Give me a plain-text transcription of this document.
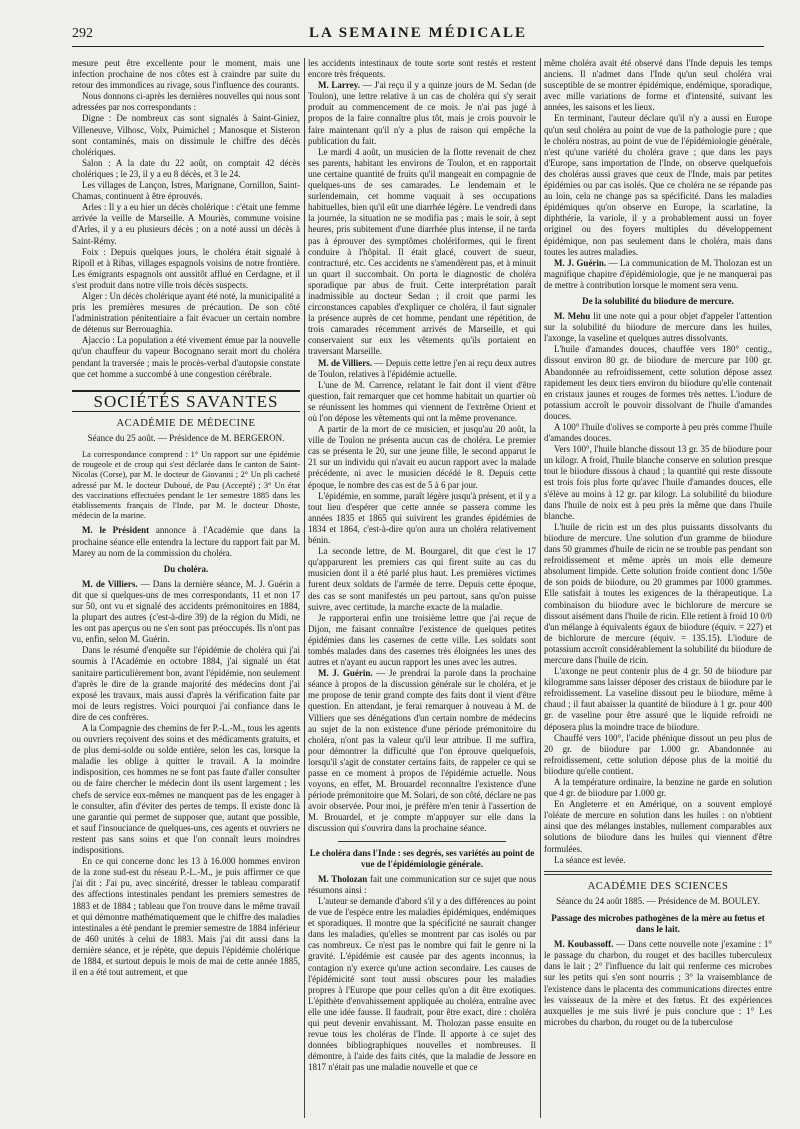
292	LA SEMAINE MÉDICALE

mesure peut être excellente pour le moment, mais une infection prochaine de nos côtes est à craindre par suite du retour des immondices au rivage, sous l'influence des courants.

Nous donnons ci-après les dernières nouvelles qui nous sont adressées par nos correspondants :

Digne : De nombreux cas sont signalés à Saint-Giniez, Villeneuve, Vilhosc, Volx, Puimichel ; Manosque et Sisteron sont contaminés, mais on dissimule le chiffre des décès cholériques.

Salon : A la date du 22 août, on comptait 42 décès cholériques ; le 23, il y a eu 8 décès, et 3 le 24.

Les villages de Lançon, Istres, Marignane, Cornillon, Saint-Chamas, continuent à être éprouvés.

Arles : Il y a eu hier un décès cholérique : c'était une femme arrivée la veille de Marseille. A Mouriès, commune voisine d'Arles, il y a eu plusieurs décès ; on a noté aussi un décès à Saint-Rémy.

Foix : Depuis quelques jours, le choléra était signalé à Ripoll et à Ribas, villages espagnols voisins de notre frontière. Les émigrants espagnols ont aussitôt afflué en Cerdagne, et il s'est produit dans notre ville trois décès suspects.

Alger : Un décès cholérique ayant été noté, la municipalité a pris les premières mesures de précaution. De son côté l'administration pénitentiaire a fait évacuer un certain nombre de détenus sur Berrouaghia.

Ajaccio : La population a été vivement émue par la nouvelle qu'un chauffeur du vapeur Bocognano serait mort du choléra pendant la traversée ; mais le procès-verbal d'autopsie constate que cet homme a succombé à une congestion cérébrale.

SOCIÉTÉS SAVANTES
ACADÉMIE DE MÉDECINE
Séance du 25 août. — Présidence de M. BERGERON.

La correspondance comprend : 1° Un rapport sur une épidémie de rougeole et de croup qui s'est déclarée dans le canton de Saint-Nicolas (Corse), par M. le docteur de Giovanni ; 2° Un pli cacheté adressé par M. le docteur Duboué, de Pau (Accepté) ; 3° Un état des vaccinations effectuées pendant le 1er semestre 1885 dans les établissements français de l'Inde, par M. le docteur Dhoste, médecin de la marine.

M. le Président annonce à l'Académie que dans la prochaine séance elle entendra la lecture du rapport fait par M. Marey au nom de la commission du choléra.

Du choléra.

M. de Villiers. — Dans la dernière séance, M. J. Guérin a dit que si quelques-uns de mes correspondants, 11 et non 17 sur 50, ont vu et signalé des accidents prémonitoires en 1884, la plupart des autres (c'est-à-dire 39) de la région du Midi, ne les ont pas aperçus ou ne s'en sont pas préoccupés. Ils n'ont pas vu, enfin, selon M. Guérin.

Dans le résumé d'enquête sur l'épidémie de choléra qui j'ai soumis à l'Académie en octobre 1884, j'ai signalé un état sanitaire particulièrement bon, avant l'épidémie, non seulement d'après le dire de la grande majorité des médecins dont j'ai exposé les travaux, mais aussi d'après la vérification faite par moi de leurs registres. Voici pourquoi j'ai confiance dans le dire de ces confrères.

A la Compagnie des chemins de fer P.-L.-M., tous les agents ou ouvriers reçoivent des soins et des médicaments gratuits, et de plus demi-solde ou solde entière, selon les cas, lorsque la maladie les oblige à quitter le travail. A la moindre indisposition, ces hommes ne se font pas faute d'aller consulter ou de faire chercher le médecin dont ils usent largement ; les chefs de service eux-mêmes ne manquent pas de les engager à le consulter, afin d'éviter des pertes de temps. Il existe donc là une garantie qui permet de supposer que, autant que possible, et sauf l'insouciance de quelques-uns, ces agents et ouvriers ne restent pas sans soins et que l'on connaît leurs moindres indispositions.

En ce qui concerne donc les 13 à 16.000 hommes environ de la zone sud-est du réseau P.-L.-M., je puis affirmer ce que j'ai dit : J'ai pu, avec sincérité, dresser le tableau comparatif des affections intestinales pendant les premiers semestres de 1883 et de 1884 ; tableau que l'on trouve dans le même travail et qui démontre mathématiquement que le chiffre des maladies intestinales a été pendant le premier semestre de 1884 inférieur de 460 unités à celui de 1883. Mais j'ai dit aussi dans la dernière séance, et je répète, que depuis l'épidémie cholérique de 1884, et surtout depuis le mois de mai de cette année 1885, il en a été tout autrement, et que

les accidents intestinaux de toute sorte sont restés et restent encore très fréquents.

M. Larrey. — J'ai reçu il y a quinze jours de M. Sedan (de Toulon), une lettre relative à un cas de choléra qui s'y serait produit au commencement de ce mois. Je n'ai pas jugé à propos de la faire connaître plus tôt, mais je crois pouvoir le faire maintenant qu'il n'y a plus de raison qui empêche la publication du fait.

Le mardi 4 août, un musicien de la flotte revenait de chez ses parents, habitant les environs de Toulon, et en rapportait une certaine quantité de fruits qu'il mangeait en compagnie de quelques-uns de ses camarades. Le lendemain et le surlendemain, cet homme vaquait à ses occupations habituelles, bien qu'il eût une diarrhée légère. Le vendredi dans la journée, la situation ne se modifia pas ; mais le soir, à sept heures, pris subitement d'une diarrhée plus intense, il ne tarda pas à éprouver des symptômes cholériformes, qui le firent conduire à l'hôpital. Il était glacé, couvert de sueur, contracturé, etc. Ces accidents ne s'amendèrent pas, et à minuit un quart il succombait. On porta le diagnostic de choléra sporadique par abus de fruit. Cette interprétation paraît inadmissible au docteur Sedan ; il croit que parmi les circonstances capables d'expliquer ce choléra, il faut signaler la présence auprès de cet homme, pendant une répétition, de trois camarades récemment arrivés de Marseille, et qui conservaient sur eux les vêtements qu'ils portaient en traversant Marseille.

M. de Villiers. — Depuis cette lettre j'en ai reçu deux autres de Toulon, relatives à l'épidémie actuelle.

L'une de M. Carrence, relatant le fait dont il vient d'être question, fait remarquer que cet homme habitait un quartier où se réunissent les hommes qui viennent de l'extrême Orient et où l'on dépose les vêtements qui ont la même provenance.

A partir de la mort de ce musicien, et jusqu'au 20 août, la ville de Toulon ne présenta aucun cas de choléra. Le premier cas se présenta le 20, sur une jeune fille, le second apparut le 21 sur un individu qui n'avait eu aucun rapport avec la malade précédente, ni avec le musicien décédé le 8. Depuis cette époque, le nombre des cas est de 5 à 6 par jour.

L'épidémie, en somme, paraît légère jusqu'à présent, et il y a tout lieu d'espérer que cette année se passera comme les années 1835 et 1865 qui suivirent les grandes épidémies de 1834 et 1864, c'est-à-dire qu'on aura un choléra relativement bénin.

La seconde lettre, de M. Bourgarel, dit que c'est le 17 qu'apparurent les premiers cas qui firent suite au cas du musicien dont il a été parlé plus haut. Les premières victimes furent deux soldats de l'armée de terre. Depuis cette époque, des cas se sont manifestés un peu partout, sans qu'on puisse suivre, avec certitude, la marche exacte de la maladie.

Je rapporterai enfin une troisième lettre que j'ai reçue de Dijon, me faisant connaître l'existence de quelques petites épidémies dans les casernes de cette ville. Les soldats sont tombés malades dans des casernes très éloignées les unes des autres et n'ayant eu aucun rapport les unes avec les autres.

M. J. Guérin. — Je prendrai la parole dans la prochaine séance à propos de la discussion générale sur le choléra, et je me propose de tenir grand compte des faits dont il vient d'être question. En attendant, je ferai remarquer à nouveau à M. de Villiers que ses dénégations d'un certain nombre de médecins au sujet de la non existence d'une période prémonitoire du choléra, n'ont pas la valeur qu'il leur attribue. Il me suffira, pour démontrer la difficulté que l'on éprouve quelquefois, lorsqu'il s'agit de constater certains faits, de rappeler ce qui se passe en ce moment à propos de l'épidémie actuelle. Nous voyons, en effet, M. Brouardel reconnaître l'existence d'une période prémonitoire que M. Solari, de son côté, déclare ne pas avoir observée. Pour moi, je préfère m'en tenir à l'assertion de M. Brouardel, et je compte m'appuyer sur elle dans la discussion qui s'ouvrira dans la prochaine séance.

Le choléra dans l'Inde : ses degrés, ses variétés au point de vue de l'épidémiologie générale.

M. Tholozan fait une communication sur ce sujet que nous résumons ainsi :

L'auteur se demande d'abord s'il y a des différences au point de vue de l'espèce entre les maladies épidémiques, endémiques et sporadiques. Il montre que la spécificité ne saurait changer dans les maladies, qu'elles se montrent par cas isolés ou par cas nombreux. Ce n'est pas le nombre qui fait le genre ni la gravité. L'épidémie est causée par des agents inconnus, la contagion n'y exerce qu'une action secondaire. Les causes de l'épidémicité sont tout aussi obscures pour les maladies propres à l'Europe que pour celles qu'on a dit être exotiques. L'épithète d'envahissement appliquée au choléra, entraîne avec elle une idée fausse. Il faudrait, pour être exact, dire : choléra qui peut devenir envahissant. M. Tholozan passe ensuite en revue tous les choléras de l'Inde. Il apporte à ce sujet des données bibliographiques nouvelles et nombreuses. Il démontre, à l'aide des faits cités, que la maladie de Jessore en 1817 n'était pas une maladie nouvelle et que ce

même choléra avait été observé dans l'Inde depuis les temps anciens. Il n'admet dans l'Inde qu'un seul choléra vrai susceptible de se montrer épidémique, endémique, sporadique, avec mille variations de forme et d'intensité, suivant les années, les saisons et les lieux.

En terminant, l'auteur déclare qu'il n'y a aussi en Europe qu'un seul choléra au point de vue de la pathologie pure ; que le choléra nostras, au point de vue de l'épidémiologie générale, n'est qu'une variété du choléra grave ; que dans les pays d'Europe, sans importation de l'Inde, on observe quelquefois des choléras aussi graves que ceux de l'Inde, mais par petites épidémies ou par cas isolés. Que ce choléra ne se répande pas au loin, cela ne change pas sa spécificité. Dans les maladies épidémiques qu'on observe en Europe, la scarlatine, la diphthérie, la variole, il y a probablement aussi un foyer originel ou des foyers multiples du développement épidémique, non pas seulement dans le choléra, mais dans toutes les autres maladies.

M. J. Guérin. — La communication de M. Tholozan est un magnifique chapitre d'épidémiologie, que je ne manquerai pas de mettre à contribution lorsque le moment sera venu.

De la solubilité du biiodure de mercure.

M. Mehu lit une note qui a pour objet d'appeler l'attention sur la solubilité du biiodure de mercure dans les huiles, l'axonge, la vaseline et quelques autres dissolvants.

L'huile d'amandes douces, chauffée vers 180° centig., dissout environ 80 gr. de biiodure de mercure par 100 gr. Abandonnée au refroidissement, cette solution dépose assez rapidement les deux tiers environ du biiodure qu'elle contenait en cristaux jaunes et rouges de formes très nettes. L'iodure de potassium accroît le pouvoir dissolvant de l'huile d'amandes douces.

A 100° l'huile d'olives se comporte à peu près comme l'huile d'amandes douces.

Vers 100°, l'huile blanche dissout 13 gr. 35 de biiodure pour un kilogr. A froid, l'huile blanche conserve en solution presque tout le biiodure dissous à chaud ; la quantité qui reste dissoute est trois fois plus forte qu'avec l'huile d'amandes douces, elle s'élève au moins à 12 gr. par kilogr. La solubilité du biiodure dans l'huile de noix est à peu près la même que dans l'huile blanche.

L'huile de ricin est un des plus puissants dissolvants du biiodure de mercure. Une solution d'un gramme de biiodure dans 50 grammes d'huile de ricin ne se trouble pas pendant son refroidissement et même après un mois elle demeure absolument limpide. Cette solution froide contient donc 1/50e de son poids de biiodure, ou 20 grammes par 1000 grammes. Elle satisfait à toutes les exigences de la thérapeutique. La combinaison du biiodure avec le bichlorure de mercure se dissout aisément dans l'huile de ricin. Elle retient à froid 10 0/0 d'un mélange à équivalents égaux de biiodure (équiv. = 227) et de bichlorure de mercure (équiv. = 135.15). L'iodure de potassium accroît considérablement la solubilité du biiodure de mercure dans l'huile de ricin.

L'axonge ne peut contenir plus de 4 gr. 50 de biiodure par kilogramme sans laisser déposer des cristaux de biiodure par le refroidissement. La vaseline dissout peu le biiodure, même à chaud ; il faut abaisser la quantité de biiodure à 1 gr. pour 400 gr. de vaseline pour être assuré que le liquide refroidi ne déposera plus la moindre trace de biiodure.

Chauffé vers 100°, l'acide phénique dissout un peu plus de 20 gr. de biiodure par 1.000 gr. Abandonnée au refroidissement, cette solution dépose plus de la moitié du biiodure qu'elle contient.

A la température ordinaire, la benzine ne garde en solution que 4 gr. de biiodure par 1.000 gr.

En Angleterre et en Amérique, on a souvent employé l'oléate de mercure en solution dans les huiles : on n'obtient ainsi que des mélanges instables, nullement comparables aux solutions de biiodure dans les huiles qui viennent d'être formulées.

La séance est levée.

ACADÉMIE DES SCIENCES
Séance du 24 août 1885. — Présidence de M. BOULEY.
Passage des microbes pathogènes de la mère au fœtus et dans le lait.

M. Koubassoff. — Dans cette nouvelle note j'examine : 1° le passage du charbon, du rouget et des bacilles tuberculeux dans le lait ; 2° l'influence du lait qui renferme ces microbes sur les petits qui s'en sont nourris ; 3° la vraisemblance de l'existence dans le placenta des communications directes entre les vaisseaux de la mère et des fœtus. Et des expériences auxquelles je me suis livré je puis conclure que : 1° Les microbes du charbon, du rouget ou de la tuberculose
